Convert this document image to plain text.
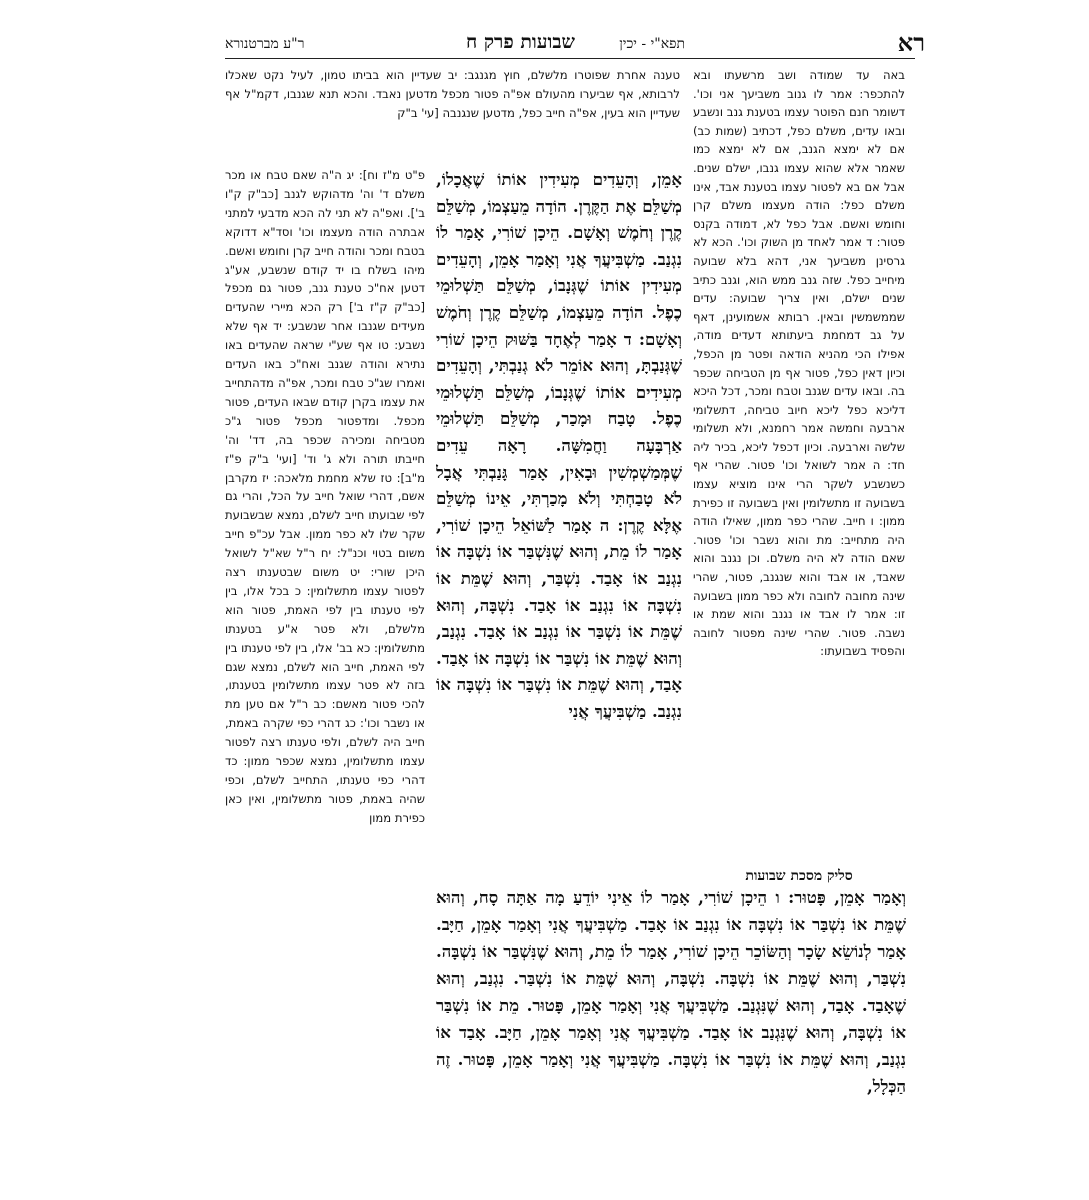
רא
תפא"י - יכין
שבועות פרק ח
ר"ע מברטנורא

באה עד שמודה ושב מרשעתו ובא להתכפר: אמר לו גנוב משביעך אני וכו'. דשומר חנם הפוטר עצמו בטענת גנב ונשבע ובאו עדים, משלם כפל, דכתיב (שמות כב) אם לא ימצא הגנב, אם לא ימצא כמו שאמר אלא שהוא עצמו גנבו, ישלם שנים. אבל אם בא לפטור עצמו בטענת אבד, אינו משלם כפל: הודה מעצמו משלם קרן וחומש ואשם. אבל כפל לא, דמודה בקנס פטור: ד אמר לאחד מן השוק וכו'. הכא לא גרסינן משביעך אני, דהא בלא שבועה מיחייב כפל. שזה גנב ממש הוא, וגנב כתיב שנים ישלם, ואין צריך שבועה: עדים שממשמשין ובאין. רבותא אשמועינן, דאף על גב דמחמת ביעתותא דעדים מודה, אפילו הכי מהניא הודאה ופטר מן הכפל, וכיון דאין כפל, פטור אף מן הטביחה שכפר בה. ובאו עדים שגנב וטבח ומכר, דכל היכא דליכא כפל ליכא חיוב טביחה, דתשלומי ארבעה וחמשה אמר רחמנא, ולא תשלומי שלשה וארבעה. וכיון דכפל ליכא, בכיר ליה חד: ה אמר לשואל וכו' פטור. שהרי אף כשנשבע לשקר הרי אינו מוציא עצמו בשבועה זו מתשלומין ואין בשבועה זו כפירת ממון: ו חייב. שהרי כפר ממון, שאילו הודה היה מתחייב: מת והוא נשבר וכו' פטור. שאם הודה לא היה משלם. וכן נגנב והוא שאבד, או אבד והוא שנגנב, פטור, שהרי שינה מחובה לחובה ולא כפר ממון בשבועה זו: אמר לו אבד או נגנב והוא שמת או נשבה. פטור. שהרי שינה מפטור לחובה והפסיד בשבועתו:

סליק מסכת שבועות

טענה אחרת שפוטרו מלשלם, חוץ מגנגב: יב שעדיין הוא בביתו טמון, לעיל נקט שאכלו לרבותא, אף שביערו מהעולם אפ"ה פטור מכפל מדטען נאבד. והכא תנא שגנבו, דקמ"ל אף שעדיין הוא בעין, אפ"ה חייב כפל, מדטען שנגנבה [עי' ב"ק

אָמֵן, וְהָעֵדִים מְעִידִין אוֹתוֹ שֶׁאֲכָלוֹ, מְשַׁלֵּם אֶת הַקֶּרֶן. הוֹדָה מֵעַצְמוֹ, מְשַׁלֵּם קֶרֶן וְחֹמֶשׁ וְאָשָׁם. הֵיכָן שׁוֹרִי, אָמַר לוֹ נִגְנַב. מַשְׁבִּיעֲךָ אֲנִי וְאָמַר אָמֵן, וְהָעֵדִים מְעִידִין אוֹתוֹ שֶׁגְּנָבוֹ, מְשַׁלֵּם תַּשְׁלוּמֵי כֶפֶל. הוֹדָה מֵעַצְמוֹ, מְשַׁלֵּם קֶרֶן וְחֹמֶשׁ וְאָשָׁם: ד אָמַר לְאֶחָד בַּשּׁוּק הֵיכָן שׁוֹרִי שֶׁגְּנַבְתָּ, וְהוּא אוֹמֵר לֹא גְנַבְתִּי, וְהָעֵדִים מְעִידִים אוֹתוֹ שֶׁגְּנָבוֹ, מְשַׁלֵּם תַּשְׁלוּמֵי כֶפֶל. טָבַח וּמָכַר, מְשַׁלֵּם תַּשְׁלוּמֵי אַרְבָּעָה וַחֲמִשָּׁה. רָאָה עֵדִים שֶׁמְּמַשְׁמְשִׁין וּבָאִין, אָמַר גָּנַבְתִּי אֲבָל לֹא טָבַחְתִּי וְלֹא מָכַרְתִּי, אֵינוֹ מְשַׁלֵּם אֶלָּא קֶרֶן: ה אָמַר לַשּׁוֹאֵל הֵיכָן שׁוֹרִי, אָמַר לוֹ מֵת, וְהוּא שֶׁנִּשְׁבַּר אוֹ נִשְׁבָּה אוֹ נִגְנַב אוֹ אָבַד. נִשְׁבַּר, וְהוּא שֶׁמֵּת אוֹ נִשְׁבָּה אוֹ נִגְנַב אוֹ אָבַד. נִשְׁבָּה, וְהוּא שֶׁמֵּת אוֹ נִשְׁבַּר אוֹ נִגְנַב אוֹ אָבַד. נִגְנַב, וְהוּא שֶׁמֵּת אוֹ נִשְׁבַּר אוֹ נִשְׁבָּה אוֹ אָבַד. אָבַד, וְהוּא שֶׁמֵּת אוֹ נִשְׁבַּר אוֹ נִשְׁבָּה אוֹ נִגְנַב. מַשְׁבִּיעֲךָ אֲנִי

פ"ט מ"ז וח]: יג ה"ה שאם טבח או מכר משלם ד' וה' מדהוקש לגנב [כב"ק ק"ו ב']. ואפ"ה לא תני לה הכא מדבעי למתני אבתרה הודה מעצמו וכו' וסד"א דדוקא בטבח ומכר והודה חייב קרן וחומש ואשם. מיהו בשלח בו יד קודם שנשבע, אע"ג דטען אח"כ טענת גנב, פטור גם מכפל [כב"ק ק"ז ב'] רק הכא מיירי שהעדים מעידים שגנבו אחר שנשבע: יד אף שלא נשבע: טו אף שע"י שראה שהעדים באו נתירא והודה שגנב ואח"כ באו העדים ואמרו שג"כ טבח ומכר, אפ"ה מדהתחייב את עצמו בקרן קודם שבאו העדים, פטור מכפל. ומדפטור מכפל פטור ג"כ מטביחה ומכירה שכפר בה, דד' וה' חייבתו תורה ולא ג' וד' [ועי' ב"ק פ"ז מ"ב]: טז שלא מחמת מלאכה: יז מקרבן אשם, דהרי שואל חייב על הכל, והרי גם לפי שבועתו חייב לשלם, נמצא שבשבועת שקר שלו לא כפר ממון. אבל עכ"פ חייב משום בטוי וכנ"ל: יח ר"ל שא"ל לשואל היכן שורי: יט משום שבטענתו רצה לפטור עצמו מתשלומין: כ בכל אלו, בין לפי טענתו בין לפי האמת, פטור הוא מלשלם, ולא פטר א"ע בטענתו מתשלומין: כא בב' אלו, בין לפי טענתו בין לפי האמת, חייב הוא לשלם, נמצא שגם בזה לא פטר עצמו מתשלומין בטענתו, להכי פטור מאשם: כב ר"ל אם טען מת או נשבר וכו': כג דהרי כפי שקרה באמת, חייב היה לשלם, ולפי טענתו רצה לפטור עצמו מתשלומין, נמצא שכפר ממון: כד דהרי כפי טענתו, התחייב לשלם, וכפי שהיה באמת, פטור מתשלומין, ואין כאן כפירת ממון

וְאָמַר אָמֵן, פָּטוּר: ו הֵיכָן שׁוֹרִי, אָמַר לוֹ אֵינִי יוֹדֵעַ מָה אַתָּה סָח, וְהוּא שֶׁמֵּת אוֹ נִשְׁבַּר אוֹ נִשְׁבָּה אוֹ נִגְנַב אוֹ אָבַד. מַשְׁבִּיעֲךָ אֲנִי וְאָמַר אָמֵן, חַיָּב. אָמַר לְנוֹשֵׂא שָׂכָר וְהַשּׂוֹכֵר הֵיכָן שׁוֹרִי, אָמַר לוֹ מֵת, וְהוּא שֶׁנִּשְׁבַּר אוֹ נִשְׁבָּה. נִשְׁבַּר, וְהוּא שֶׁמֵּת אוֹ נִשְׁבָּה. נִשְׁבָּה, וְהוּא שֶׁמֵּת אוֹ נִשְׁבַּר. נִגְנַב, וְהוּא שֶׁאָבַד. אָבַד, וְהוּא שֶׁנִּגְנַב. מַשְׁבִּיעֲךָ אֲנִי וְאָמַר אָמֵן, פָּטוּר. מֵת אוֹ נִשְׁבַּר אוֹ נִשְׁבָּה, וְהוּא שֶׁנִּגְנַב אוֹ אָבַד. מַשְׁבִּיעֲךָ אֲנִי וְאָמַר אָמֵן, חַיָּב. אָבַד אוֹ נִגְנַב, וְהוּא שֶׁמֵּת אוֹ נִשְׁבַּר אוֹ נִשְׁבָּה. מַשְׁבִּיעֲךָ אֲנִי וְאָמַר אָמֵן, פָּטוּר. זֶה הַכְּלָל,
